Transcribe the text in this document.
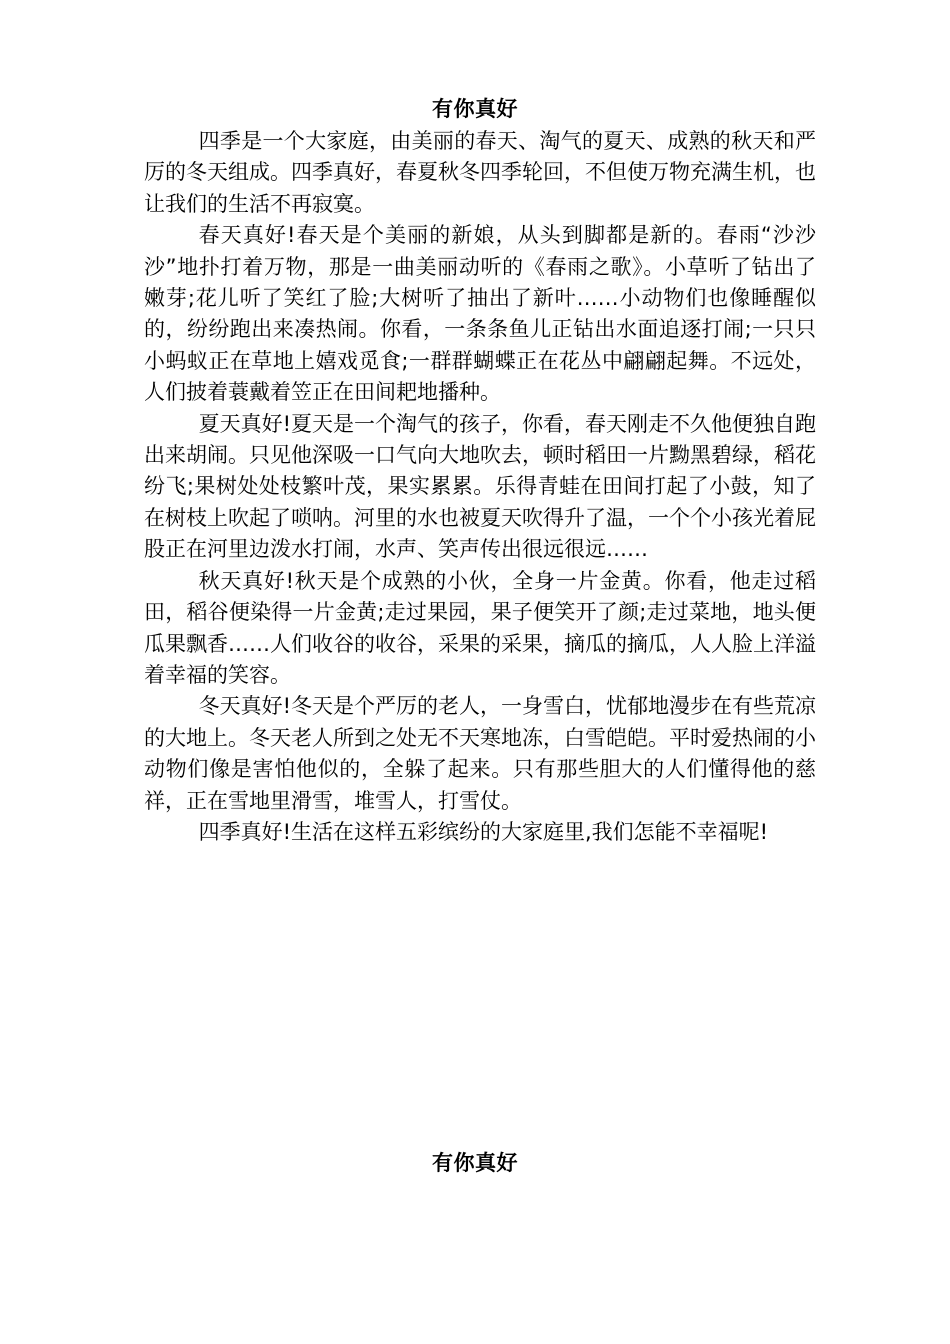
有你真好

四季是一个大家庭，由美丽的春天、淘气的夏天、成熟的秋天和严厉的冬天组成。四季真好，春夏秋冬四季轮回，不但使万物充满生机，也让我们的生活不再寂寞。

春天真好!春天是个美丽的新娘，从头到脚都是新的。春雨“沙沙沙”地扑打着万物，那是一曲美丽动听的《春雨之歌》。小草听了钻出了嫩芽;花儿听了笑红了脸;大树听了抽出了新叶……小动物们也像睡醒似的，纷纷跑出来凑热闹。你看，一条条鱼儿正钻出水面追逐打闹;一只只小蚂蚁正在草地上嬉戏觅食;一群群蝴蝶正在花丛中翩翩起舞。不远处，人们披着蓑戴着笠正在田间耙地播种。

夏天真好!夏天是一个淘气的孩子，你看，春天刚走不久他便独自跑出来胡闹。只见他深吸一口气向大地吹去，顿时稻田一片黝黑碧绿，稻花纷飞;果树处处枝繁叶茂，果实累累。乐得青蛙在田间打起了小鼓，知了在树枝上吹起了唢呐。河里的水也被夏天吹得升了温，一个个小孩光着屁股正在河里边泼水打闹，水声、笑声传出很远很远……

秋天真好!秋天是个成熟的小伙，全身一片金黄。你看，他走过稻田，稻谷便染得一片金黄;走过果园，果子便笑开了颜;走过菜地，地头便瓜果飘香……人们收谷的收谷，采果的采果，摘瓜的摘瓜，人人脸上洋溢着幸福的笑容。

冬天真好!冬天是个严厉的老人，一身雪白，忧郁地漫步在有些荒凉的大地上。冬天老人所到之处无不天寒地冻，白雪皑皑。平时爱热闹的小动物们像是害怕他似的，全躲了起来。只有那些胆大的人们懂得他的慈祥，正在雪地里滑雪，堆雪人，打雪仗。

四季真好!生活在这样五彩缤纷的大家庭里,我们怎能不幸福呢!

有你真好
